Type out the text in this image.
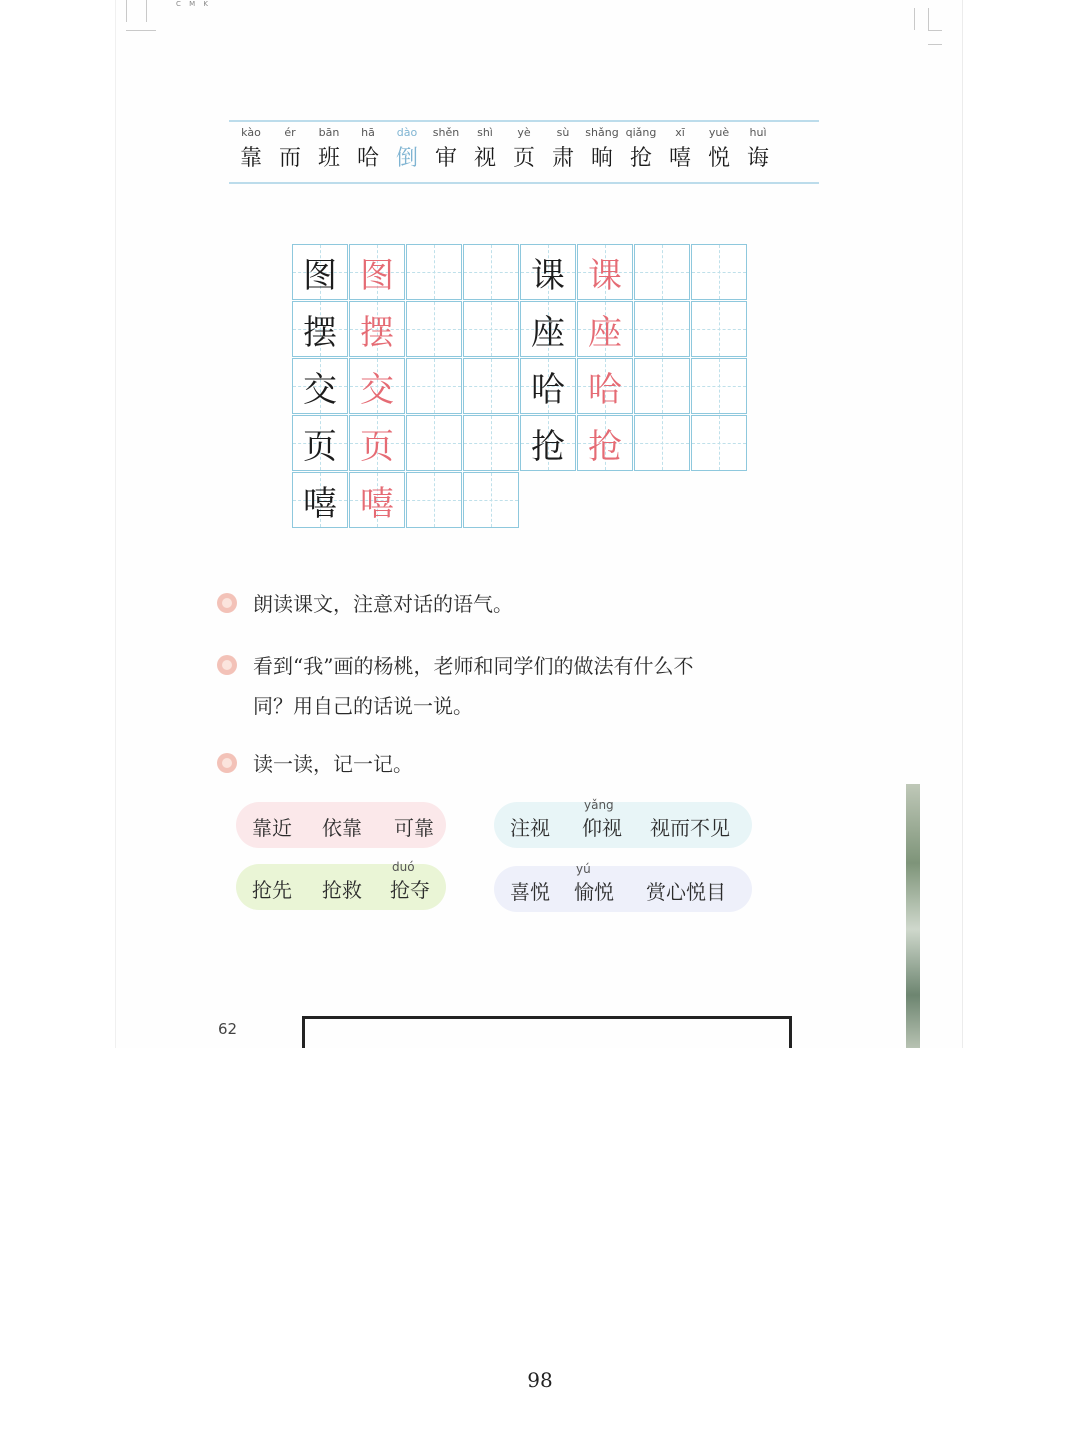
C M K
kào
靠
ér
而
bān
班
hā
哈
dào
倒
shěn
审
shì
视
yè
页
sù
肃
shǎng
晌
qiǎng
抢
xī
嘻
yuè
悦
huì
诲
图 图
摆 摆
交 交
页 页
嘻 嘻
课 课
座 座
哈 哈
抢 抢
朗读课文，注意对话的语气。
看到“我”画的杨桃，老师和同学们的做法有什么不
同？用自己的话说一说。
读一读，记一记。
靠近 依靠 可靠	注视 仰视 视而不见
yǎng
抢先 抢救 抢夺
duó
喜悦 愉悦 赏心悦目
yú
62
98
